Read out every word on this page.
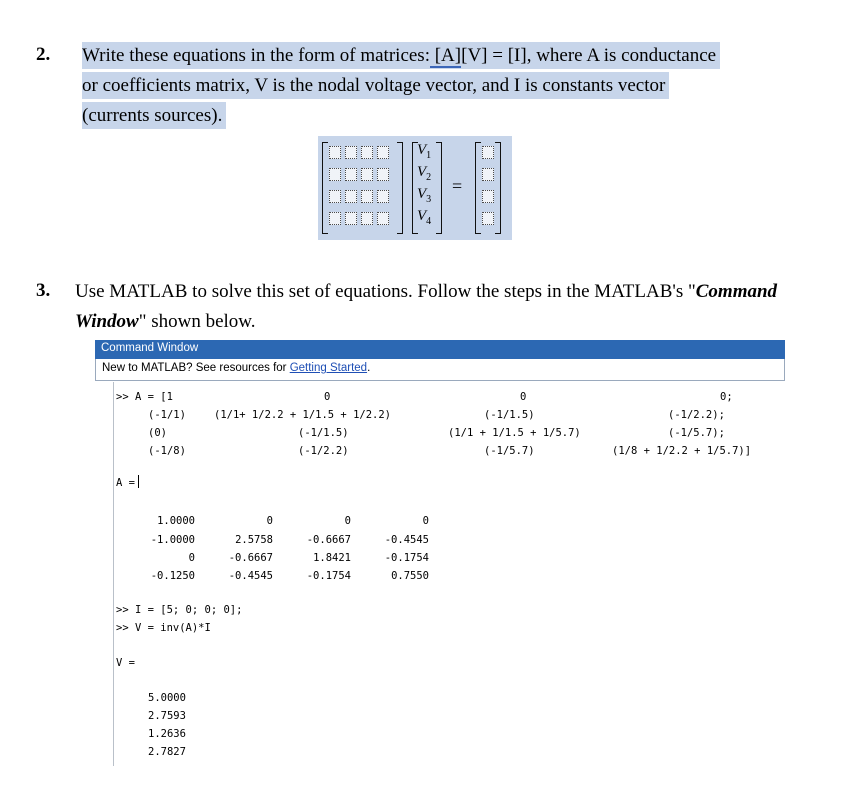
2. Write these equations in the form of matrices: [A][V] = [I], where A is conductance
or coefficients matrix, V is the nodal voltage vector, and I is constants vector
(currents sources).
$V_1$
$V_2$
$V_3$
$V_4$
=
3. Use MATLAB to solve this set of equations. Follow the steps in the MATLAB's "Command
Window" shown below.
Command Window
New to MATLAB? See resources for Getting Started.
>> A = [1	0	0	0;
(-1/1)	(1/1+ 1/2.2 + 1/1.5 + 1/2.2)	(-1/1.5)	(-1/2.2);
(0)	(-1/1.5)	(1/1 + 1/1.5 + 1/5.7)	(-1/5.7);
(-1/8)	(-1/2.2)	(-1/5.7)	(1/8 + 1/2.2 + 1/5.7)]
A =
1.0000	0	0	0
-1.0000	2.5758	-0.6667	-0.4545
0	-0.6667	1.8421	-0.1754
-0.1250	-0.4545	-0.1754	0.7550
>> I = [5; 0; 0; 0];
>> V = inv(A)*I
V =
5.0000
2.7593
1.2636
2.7827
